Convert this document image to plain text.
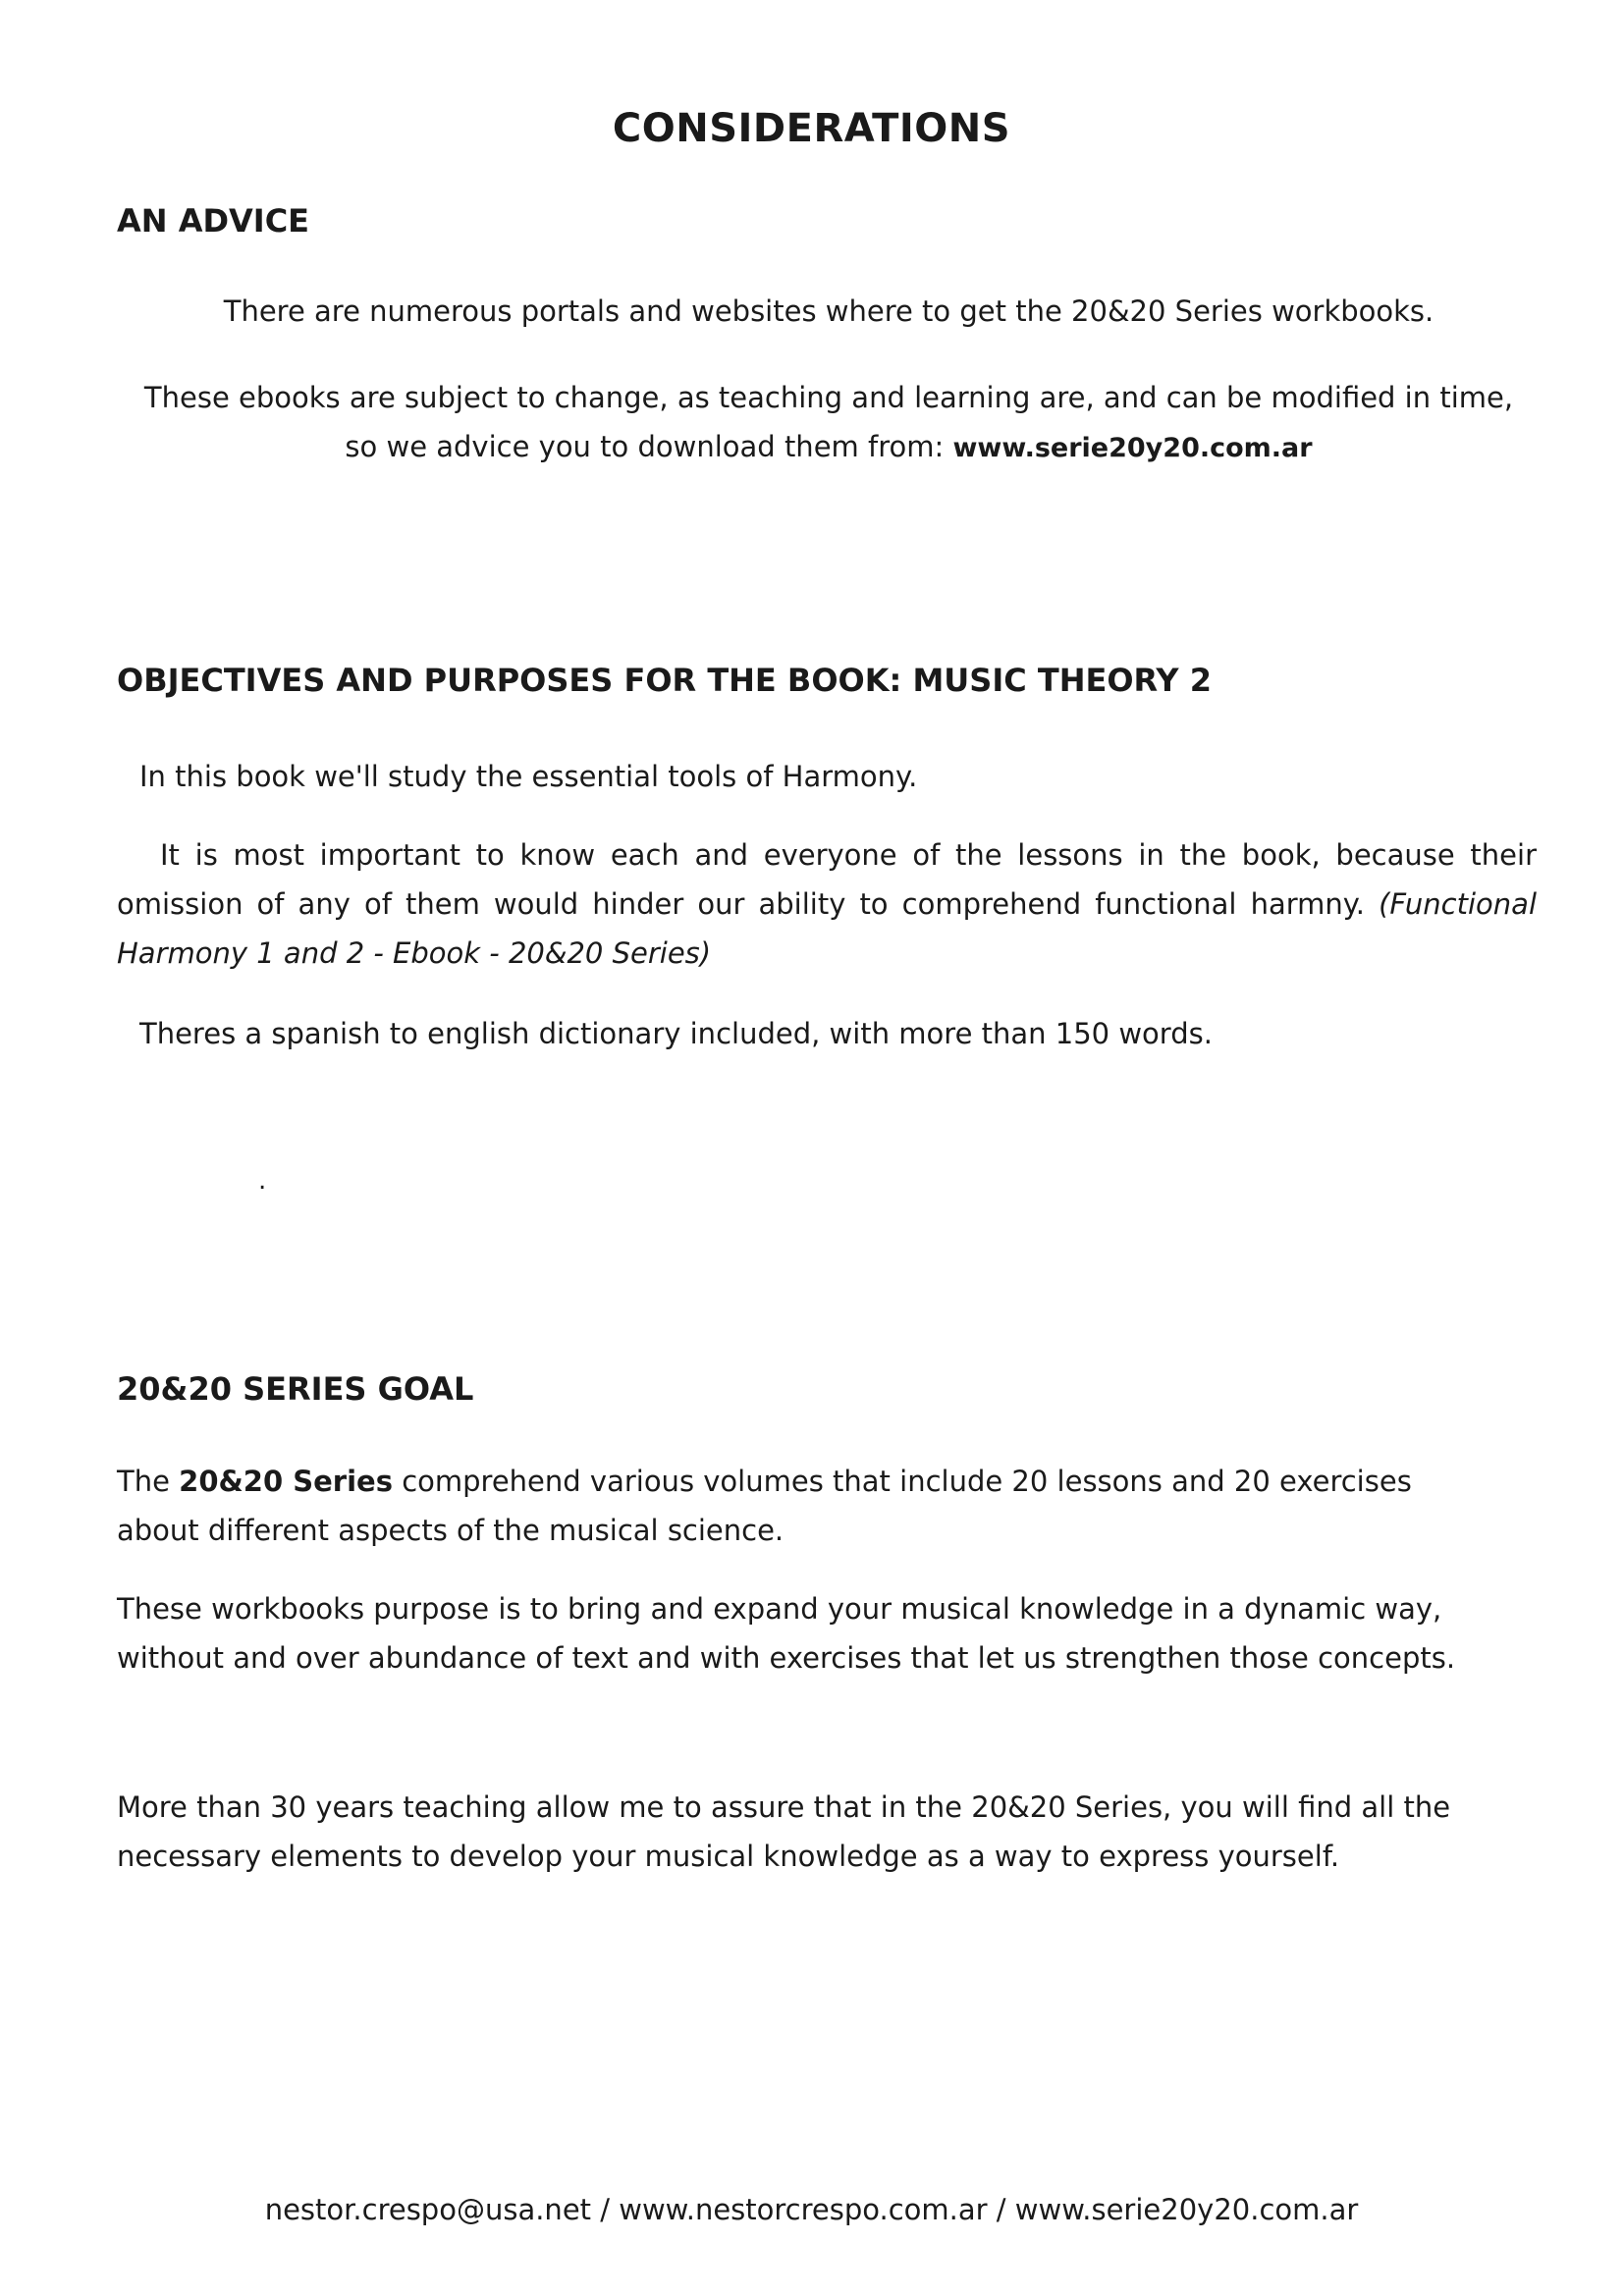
CONSIDERATIONS
AN ADVICE

There are numerous portals and websites where to get the 20&20 Series workbooks.

These ebooks are subject to change, as teaching and learning are, and can be modified in time,
so we advice you to download them from: www.serie20y20.com.ar

OBJECTIVES AND PURPOSES FOR THE BOOK: MUSIC THEORY 2

In this book we'll study the essential tools of Harmony.

It is most important to know each and everyone of the lessons in the book, because their omission of any of them would hinder our ability to comprehend functional harmny. (Functional Harmony 1 and 2 - Ebook - 20&20 Series)

Theres a spanish to english dictionary included, with more than 150 words.

.
20&20 SERIES GOAL

The 20&20 Series comprehend various volumes that include 20 lessons and 20 exercises
about different aspects of the musical science.

These workbooks purpose is to bring and expand your musical knowledge in a dynamic way,
without and over abundance of text and with exercises that let us strengthen those concepts.

More than 30 years teaching allow me to assure that in the 20&20 Series, you will find all the
necessary elements to develop your musical knowledge as a way to express yourself.

nestor.crespo@usa.net / www.nestorcrespo.com.ar / www.serie20y20.com.ar
